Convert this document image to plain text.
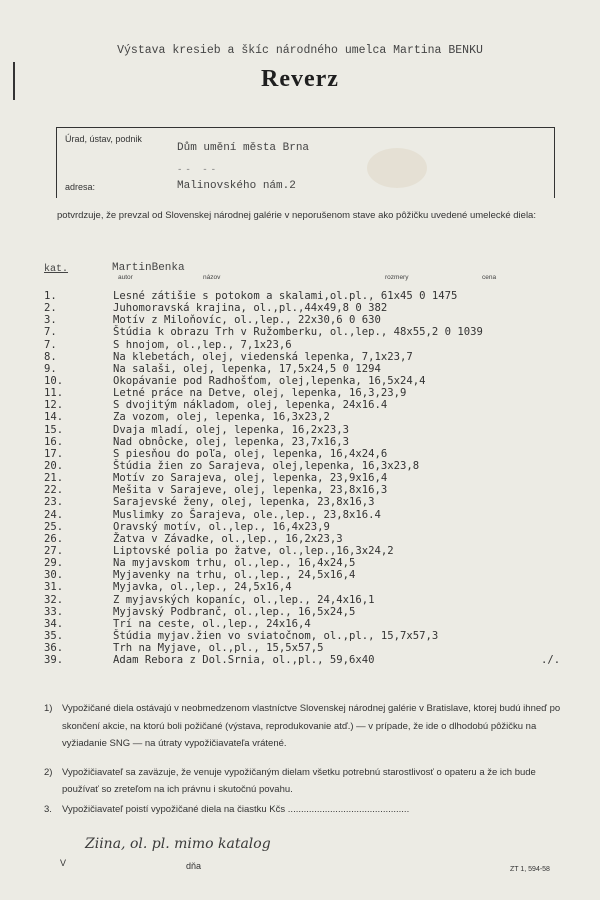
Výstava kresieb a škíc národného umelca Martina BENKU
Reverz
Úrad, ústav, podnik
Dům umění města Brna
-- --
adresa:	Malinovského nám.2
potvrdzuje, že prevzal od Slovenskej národnej galérie v neporušenom stave ako pôžičku uvedené umelecké diela:
MartinBenka
kat.
autor	názov	rozmery	cena
1.	Lesné zátišie s potokom a skalami,ol.pl., 61x45 0 1475
2.	Juhomoravská krajina, ol.,pl.,44x49,8 0 382
3.	Motív z Miloňovíc, ol.,lep., 22x30,6 0 630
7.	Štúdia k obrazu Trh v Ružomberku, ol.,lep., 48x55,2 0 1039
7.	S hnojom, ol.,lep., 7,1x23,6
8.	Na klebetách, olej, viedenská lepenka, 7,1x23,7
9.	Na salaši, olej, lepenka, 17,5x24,5 0 1294
10.	Okopávanie pod Radhošťom, olej,lepenka, 16,5x24,4
11.	Letné práce na Detve, olej, lepenka, 16,3,23,9
12.	S dvojitým nákladom, olej, lepenka, 24x16.4
14.	Za vozom, olej, lepenka, 16,3x23,2
15.	Dvaja mladí, olej, lepenka, 16,2x23,3
16.	Nad obnôcke, olej, lepenka, 23,7x16,3
17.	S piesňou do poľa, olej, lepenka, 16,4x24,6
20.	Štúdia žien zo Sarajeva, olej,lepenka, 16,3x23,8
21.	Motív zo Sarajeva, olej, lepenka, 23,9x16,4
22.	Mešita v Sarajeve, olej, lepenka, 23,8x16,3
23.	Sarajevské ženy, olej, lepenka, 23,8x16,3
24.	Muslimky zo Šarajeva, ole.,lep., 23,8x16.4
25.	Oravský motív, ol.,lep., 16,4x23,9
26.	Žatva v Závadke, ol.,lep., 16,2x23,3
27.	Liptovské polia po žatve, ol.,lep.,16,3x24,2
29.	Na myjavskom trhu, ol.,lep., 16,4x24,5
30.	Myjavenky na trhu, ol.,lep., 24,5x16,4
31.	Myjavka, ol.,lep., 24,5x16,4
32.	Z myjavských kopaníc, ol.,lep., 24,4x16,1
33.	Myjavský Podbranč, ol.,lep., 16,5x24,5
34.	Trí na ceste, ol.,lep., 24x16,4
35.	Štúdia myjav.žien vo sviatočnom, ol.,pl., 15,7x57,3
36.	Trh na Myjave, ol.,pl., 15,5x57,5
39.	Adam Rebora z Dol.Srnia, ol.,pl., 59,6x40	./.
1) Vypožičané diela ostávajú v neobmedzenom vlastníctve Slovenskej národnej galérie v Bratislave, ktorej budú ihneď po skončení akcie, na ktorú boli požičané (výstava, reprodukovanie atď.) — v prípade, že ide o dlhodobú pôžičku na vyžiadanie SNG — na útraty vypožičiavateľa vrátené.
2) Vypožičiavateľ sa zaväzuje, že venuje vypožičaným dielam všetku potrebnú starostlivosť o opateru a že ich bude používať so zreteľom na ich právnu i skutočnú povahu.
3. Vypožičiavateľ poistí vypožičané diela na čiastku Kčs ..............................................
V
Ziina, ol. pl. mimo katalog
dňa	ZT 1, 594-58
